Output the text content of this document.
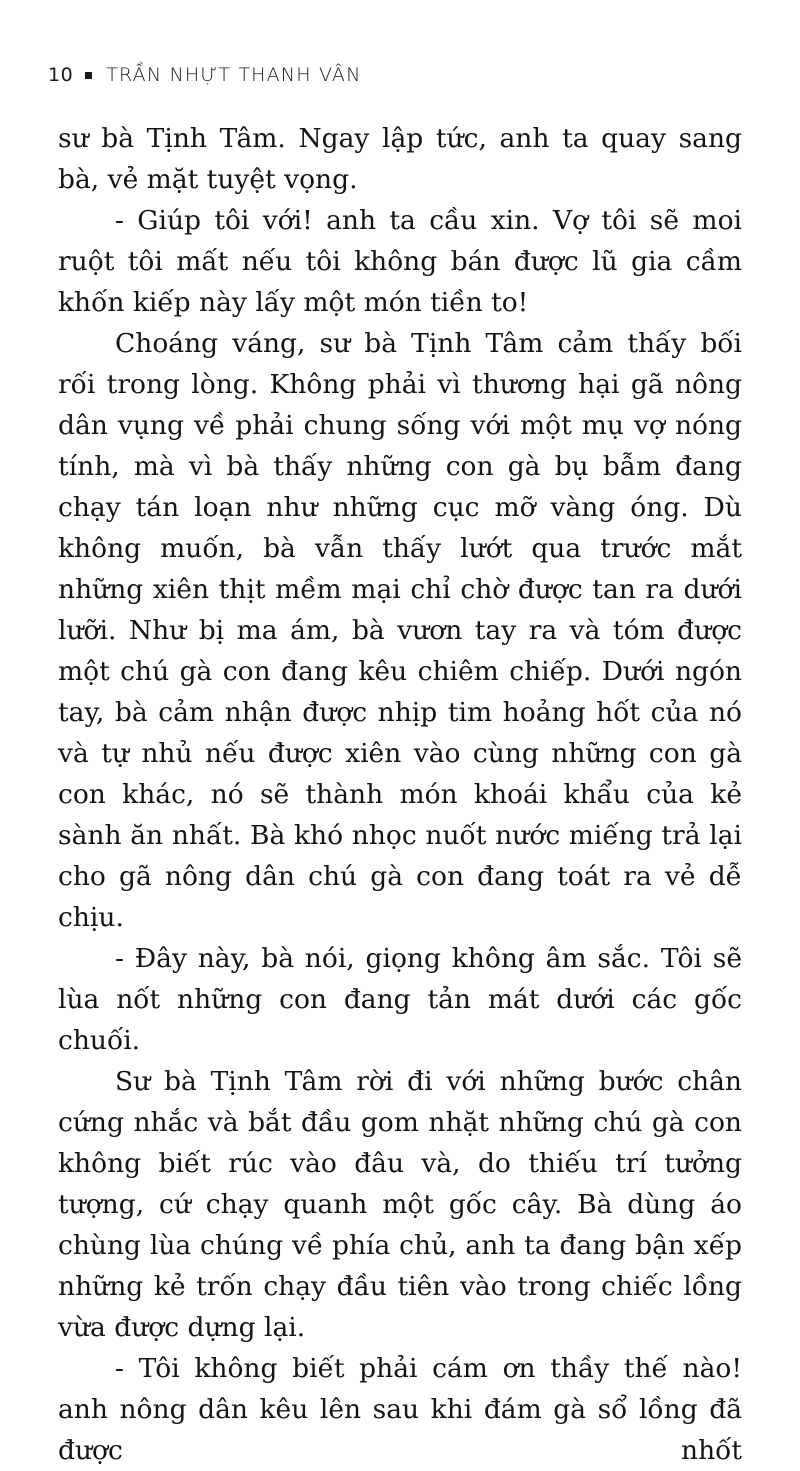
10 TRẦN NHỰT THANH VÂN

sư bà Tịnh Tâm. Ngay lập tức, anh ta quay sang bà, vẻ mặt tuyệt vọng.

- Giúp tôi với! anh ta cầu xin. Vợ tôi sẽ moi ruột tôi mất nếu tôi không bán được lũ gia cầm khốn kiếp này lấy một món tiền to!

Choáng váng, sư bà Tịnh Tâm cảm thấy bối rối trong lòng. Không phải vì thương hại gã nông dân vụng về phải chung sống với một mụ vợ nóng tính, mà vì bà thấy những con gà bụ bẫm đang chạy tán loạn như những cục mỡ vàng óng. Dù không muốn, bà vẫn thấy lướt qua trước mắt những xiên thịt mềm mại chỉ chờ được tan ra dưới lưỡi. Như bị ma ám, bà vươn tay ra và tóm được một chú gà con đang kêu chiêm chiếp. Dưới ngón tay, bà cảm nhận được nhịp tim hoảng hốt của nó và tự nhủ nếu được xiên vào cùng những con gà con khác, nó sẽ thành món khoái khẩu của kẻ sành ăn nhất. Bà khó nhọc nuốt nước miếng trả lại cho gã nông dân chú gà con đang toát ra vẻ dễ chịu.

- Đây này, bà nói, giọng không âm sắc. Tôi sẽ lùa nốt những con đang tản mát dưới các gốc chuối.

Sư bà Tịnh Tâm rời đi với những bước chân cứng nhắc và bắt đầu gom nhặt những chú gà con không biết rúc vào đâu và, do thiếu trí tưởng tượng, cứ chạy quanh một gốc cây. Bà dùng áo chùng lùa chúng về phía chủ, anh ta đang bận xếp những kẻ trốn chạy đầu tiên vào trong chiếc lồng vừa được dựng lại.

- Tôi không biết phải cám ơn thầy thế nào! anh nông dân kêu lên sau khi đám gà sổ lồng đã được nhốt
